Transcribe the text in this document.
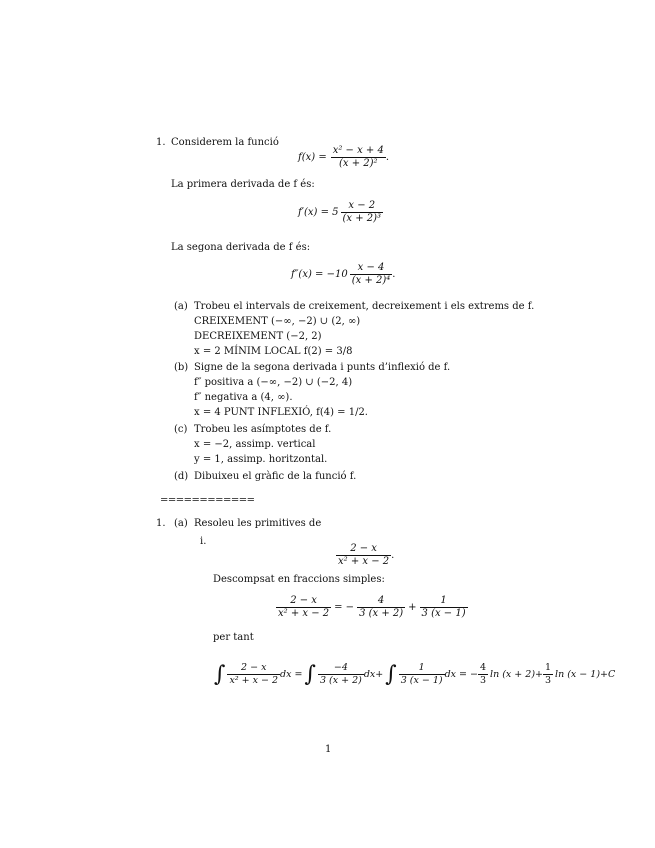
1. Considerem la funció
$f(x) = \frac{\text{x² − x + 4}}{\text{(x + 2)²}}$ .
La primera derivada de f és:
$f'(x) = 5 \frac{x - 2}{\text{(x + 2)³}}$
La segona derivada de f és:
$f''(x) = -10 \frac{x - 4}{\text{(x + 2)⁴}}$ .
(a) Trobeu el intervals de creixement, decreixement i els extrems de f.
CREIXEMENT (−∞, −2) ∪ (2, ∞)
DECREIXEMENT (−2, 2)
x = 2 MÍNIM LOCAL f(2) = 3/8
(b) Signe de la segona derivada i punts d’inflexió de f.
f″ positiva a (−∞, −2) ∪ (−2, 4)
f″ negativa a (4, ∞).
x = 4 PUNT INFLEXIÓ, f(4) = 1/2.
(c) Trobeu les asímptotes de f.
x = −2, assimp. vertical
y = 1, assimp. horitzontal.
(d) Dibuixeu el gràfic de la funció f.
============
1. (a) Resoleu les primitives de
i.
$\frac{2 - x}{\text{x² + x − 2}}$ .
Descompsat en fraccions simples:
$\frac{2 - x}{\text{x² + x − 2}}$ = − $\frac{4}{3 (x + 2)} + \frac{1}{3 (x - 1)}$
per tant
∫ $\frac{2 - x}{\text{x² + x − 2}}$ dx = ∫ $\frac{-4}{3 (x + 2)} dx+$ ∫ $\frac{1}{3 (x - 1)}$ dx = − $\frac{4}{3}$ $\ln (x + 2)+ \frac{1}{3}$ ln (x − 1)+C
1
